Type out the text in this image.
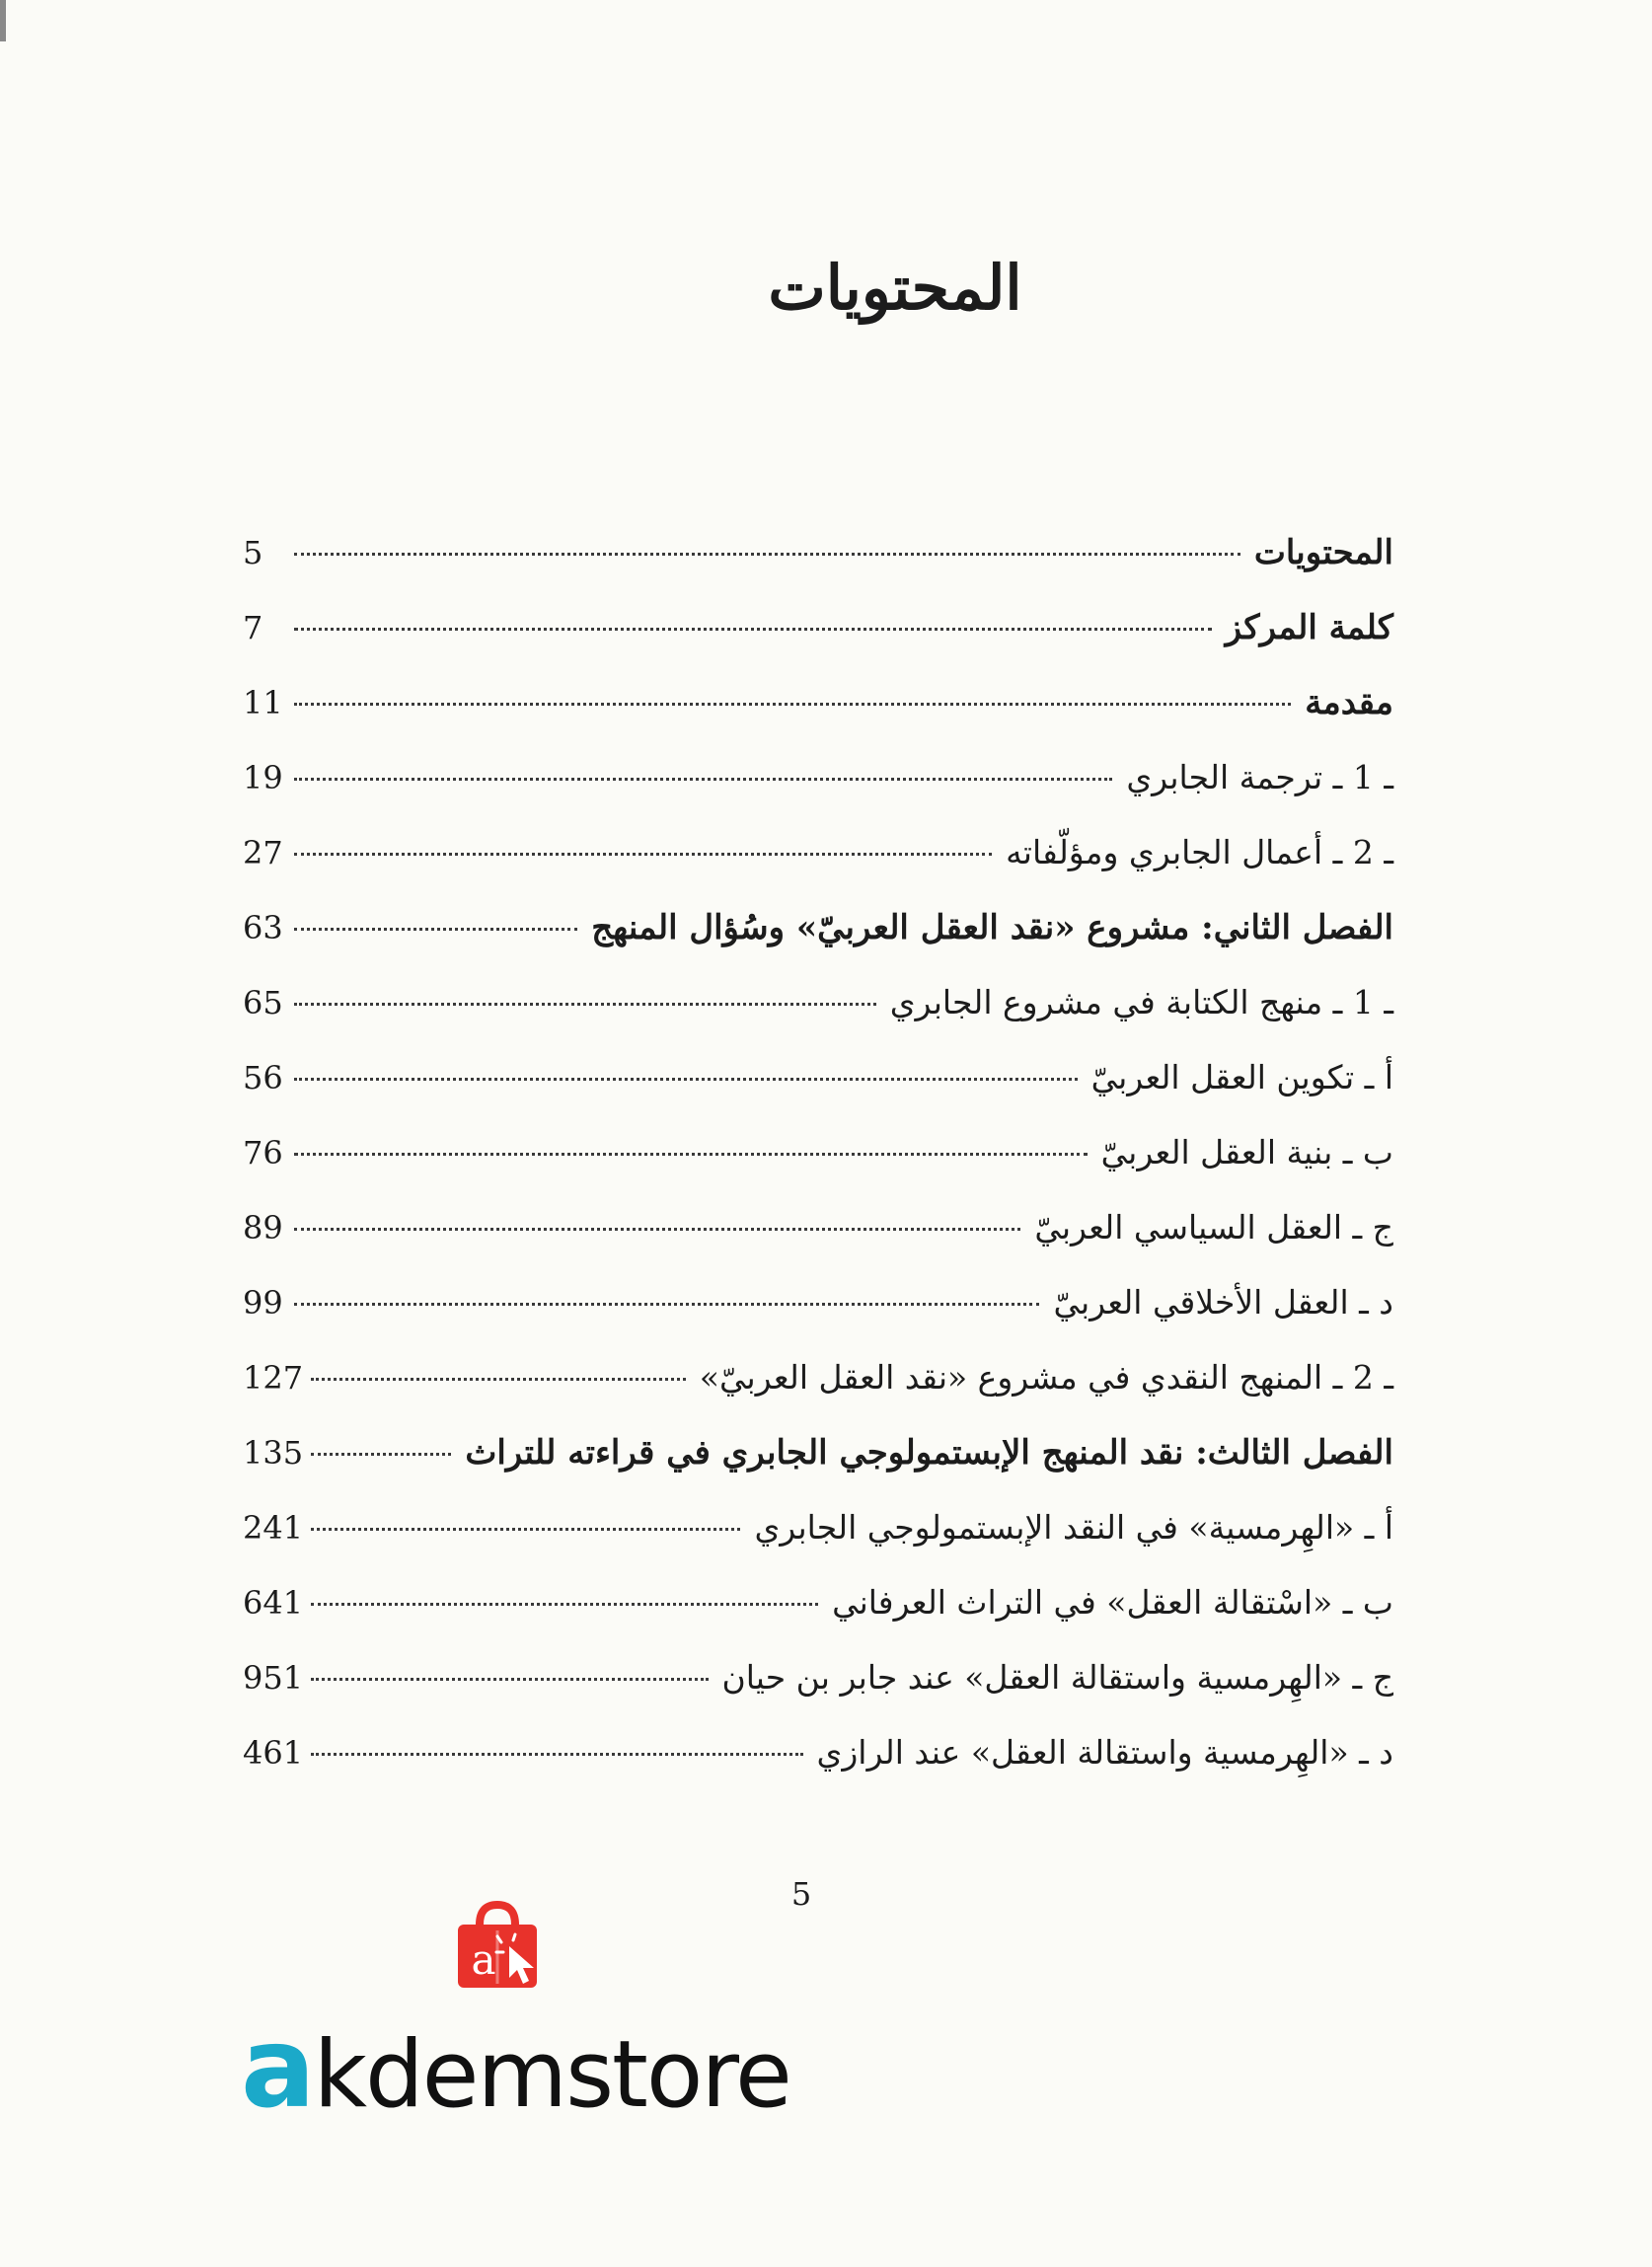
المحتويات
5	المحتويات
7	كلمة المركز
11	مقدمة
19	ـ 1 ـ ترجمة الجابري
27	ـ 2 ـ أعمال الجابري ومؤلّفاته
63	الفصل الثاني: مشروع «نقد العقل العربيّ» وسُؤال المنهج
65	ـ 1 ـ منهج الكتابة في مشروع الجابري
56	أ ـ تكوين العقل العربيّ
76	ب ـ بنية العقل العربيّ
89	ج ـ العقل السياسي العربيّ
99	د ـ العقل الأخلاقي العربيّ
127	ـ 2 ـ المنهج النقدي في مشروع «نقد العقل العربيّ»
135	الفصل الثالث: نقد المنهج الإبستمولوجي الجابري في قراءته للتراث
241	أ ـ «الهِرمسية» في النقد الإبستمولوجي الجابري
641	ب ـ «اسْتقالة العقل» في التراث العرفاني
951	ج ـ «الهِرمسية واستقالة العقل» عند جابر بن حيان
461	د ـ «الهِرمسية واستقالة العقل» عند الرازي
5
a
akdemstore
